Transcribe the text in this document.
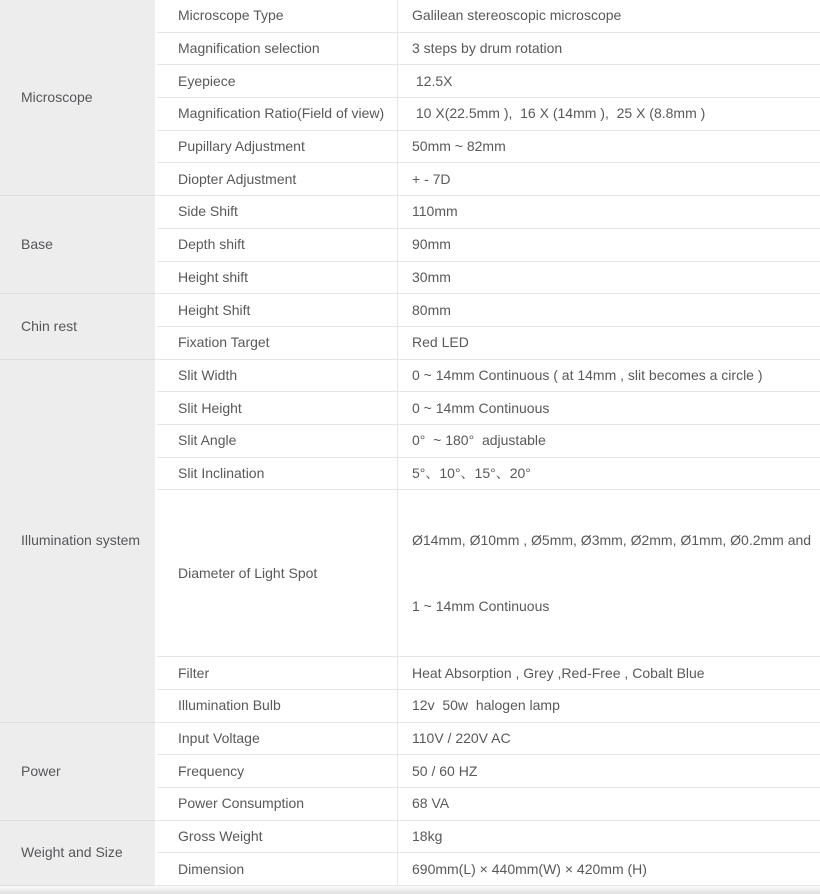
Microscope	Microscope Type	Galilean stereoscopic microscope
	Magnification selection	3 steps by drum rotation
	Eyepiece	12.5X
	Magnification Ratio(Field of view)	10 X(22.5mm ),  16 X (14mm ),  25 X (8.8mm )
	Pupillary Adjustment	50mm ~ 82mm
	Diopter Adjustment	+ - 7D
Base	Side Shift	110mm
	Depth shift	90mm
	Height shift	30mm
Chin rest	Height Shift	80mm
	Fixation Target	Red LED
Illumination system	Slit Width	0 ~ 14mm Continuous ( at 14mm , slit becomes a circle )
	Slit Height	0 ~ 14mm Continuous
	Slit Angle	0°  ~ 180°  adjustable
	Slit Inclination	5°、10°、15°、20°
	Diameter of Light Spot	Ø14mm, Ø10mm , Ø5mm, Ø3mm, Ø2mm, Ø1mm, Ø0.2mm and

1 ~ 14mm Continuous

	Filter	Heat Absorption , Grey ,Red-Free , Cobalt Blue
	Illumination Bulb	12v  50w  halogen lamp
Power	Input Voltage	110V / 220V AC
	Frequency	50 / 60 HZ
	Power Consumption	68 VA
Weight and Size	Gross Weight	18kg
	Dimension	690mm(L) × 440mm(W) × 420mm (H)
